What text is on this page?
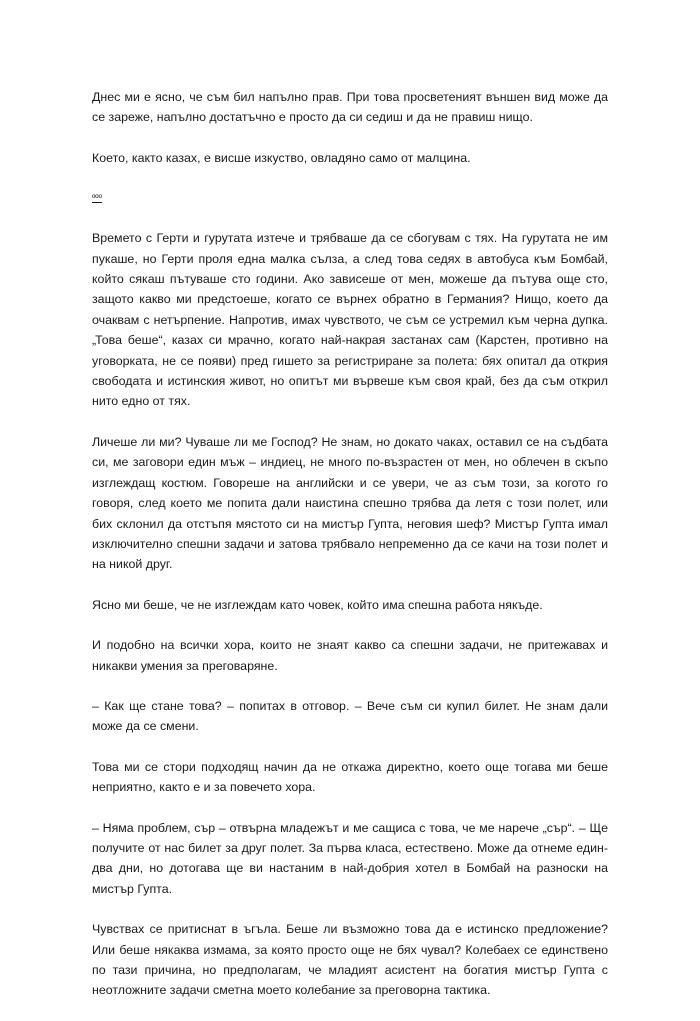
Днес ми е ясно, че съм бил напълно прав. При това просветеният външен вид може да се зареже, напълно достатъчно е просто да си седиш и да не правиш нищо.

Което, както казах, е висше изкуство, овладяно само от малцина.

ººº

Времето с Герти и гурутата изтече и трябваше да се сбогувам с тях. На гурутата не им пукаше, но Герти проля една малка сълза, а след това седях в автобуса към Бомбай, който сякаш пътуваше сто години. Ако зависеше от мен, можеше да пътува още сто, защото какво ми предстоеше, когато се върнех обратно в Германия? Нищо, което да очаквам с нетърпение. Напротив, имах чувството, че съм се устремил към черна дупка. „Това беше“, казах си мрачно, когато най-накрая застанах сам (Карстен, противно на уговорката, не се появи) пред гишето за регистриране за полета: бях опитал да открия свободата и истинския живот, но опитът ми вървеше към своя край, без да съм открил нито едно от тях.

Личеше ли ми? Чуваше ли ме Господ? Не знам, но докато чаках, оставил се на съдбата си, ме заговори един мъж – индиец, не много по-възрастен от мен, но облечен в скъпо изглеждащ костюм. Говореше на английски и се увери, че аз съм този, за когото го говоря, след което ме попита дали наистина спешно трябва да летя с този полет, или бих склонил да отстъпя мястото си на мистър Гупта, неговия шеф? Мистър Гупта имал изключително спешни задачи и затова трябвало непременно да се качи на този полет и на никой друг.

Ясно ми беше, че не изглеждам като човек, който има спешна работа някъде.

И подобно на всички хора, които не знаят какво са спешни задачи, не притежавах и никакви умения за преговаряне.

– Как ще стане това? – попитах в отговор. – Вече съм си купил билет. Не знам дали може да се смени.

Това ми се стори подходящ начин да не откажа директно, което още тогава ми беше неприятно, както е и за повечето хора.

– Няма проблем, сър – отвърна младежът и ме сащиса с това, че ме нарече „сър“. – Ще получите от нас билет за друг полет. За първа класа, естествено. Може да отнеме един-два дни, но дотогава ще ви настаним в най-добрия хотел в Бомбай на разноски на мистър Гупта.

Чувствах се притиснат в ъгъла. Беше ли възможно това да е истинско предложение? Или беше някаква измама, за която просто още не бях чувал? Колебаех се единствено по тази причина, но предполагам, че младият асистент на богатия мистър Гупта с неотложните задачи сметна моето колебание за преговорна тактика.
